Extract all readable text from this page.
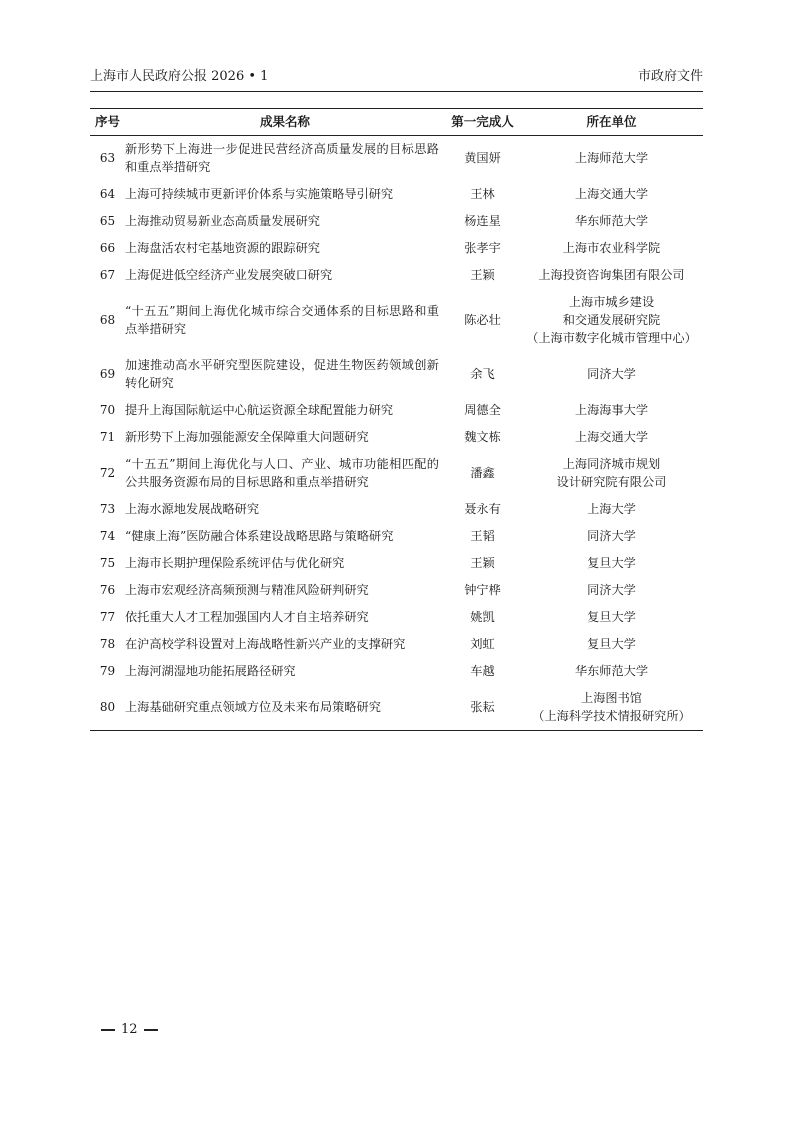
上海市人民政府公报 2026 • 1	市政府文件
序号	成果名称	第一完成人	所在单位
63	新形势下上海进一步促进民营经济高质量发展的目标思路和重点举措研究	黄国妍	上海师范大学

64	上海可持续城市更新评价体系与实施策略导引研究	王林	上海交通大学

65	上海推动贸易新业态高质量发展研究	杨连星	华东师范大学

66	上海盘活农村宅基地资源的跟踪研究	张孝宇	上海市农业科学院

67	上海促进低空经济产业发展突破口研究	王颖	上海投资咨询集团有限公司

68	“十五五”期间上海优化城市综合交通体系的目标思路和重点举措研究	陈必壮	上海市城乡建设
和交通发展研究院
（上海市数字化城市管理中心）

69	加速推动高水平研究型医院建设，促进生物医药领域创新转化研究	余飞	同济大学

70	提升上海国际航运中心航运资源全球配置能力研究	周德全	上海海事大学

71	新形势下上海加强能源安全保障重大问题研究	魏文栋	上海交通大学

72	“十五五”期间上海优化与人口、产业、城市功能相匹配的公共服务资源布局的目标思路和重点举措研究	潘鑫	上海同济城市规划
设计研究院有限公司

73	上海水源地发展战略研究	聂永有	上海大学

74	“健康上海”医防融合体系建设战略思路与策略研究	王韬	同济大学

75	上海市长期护理保险系统评估与优化研究	王颖	复旦大学

76	上海市宏观经济高频预测与精准风险研判研究	钟宁桦	同济大学

77	依托重大人才工程加强国内人才自主培养研究	姚凯	复旦大学

78	在沪高校学科设置对上海战略性新兴产业的支撑研究	刘虹	复旦大学

79	上海河湖湿地功能拓展路径研究	车越	华东师范大学

80	上海基础研究重点领域方位及未来布局策略研究	张耘	上海图书馆
（上海科学技术情报研究所）
12
